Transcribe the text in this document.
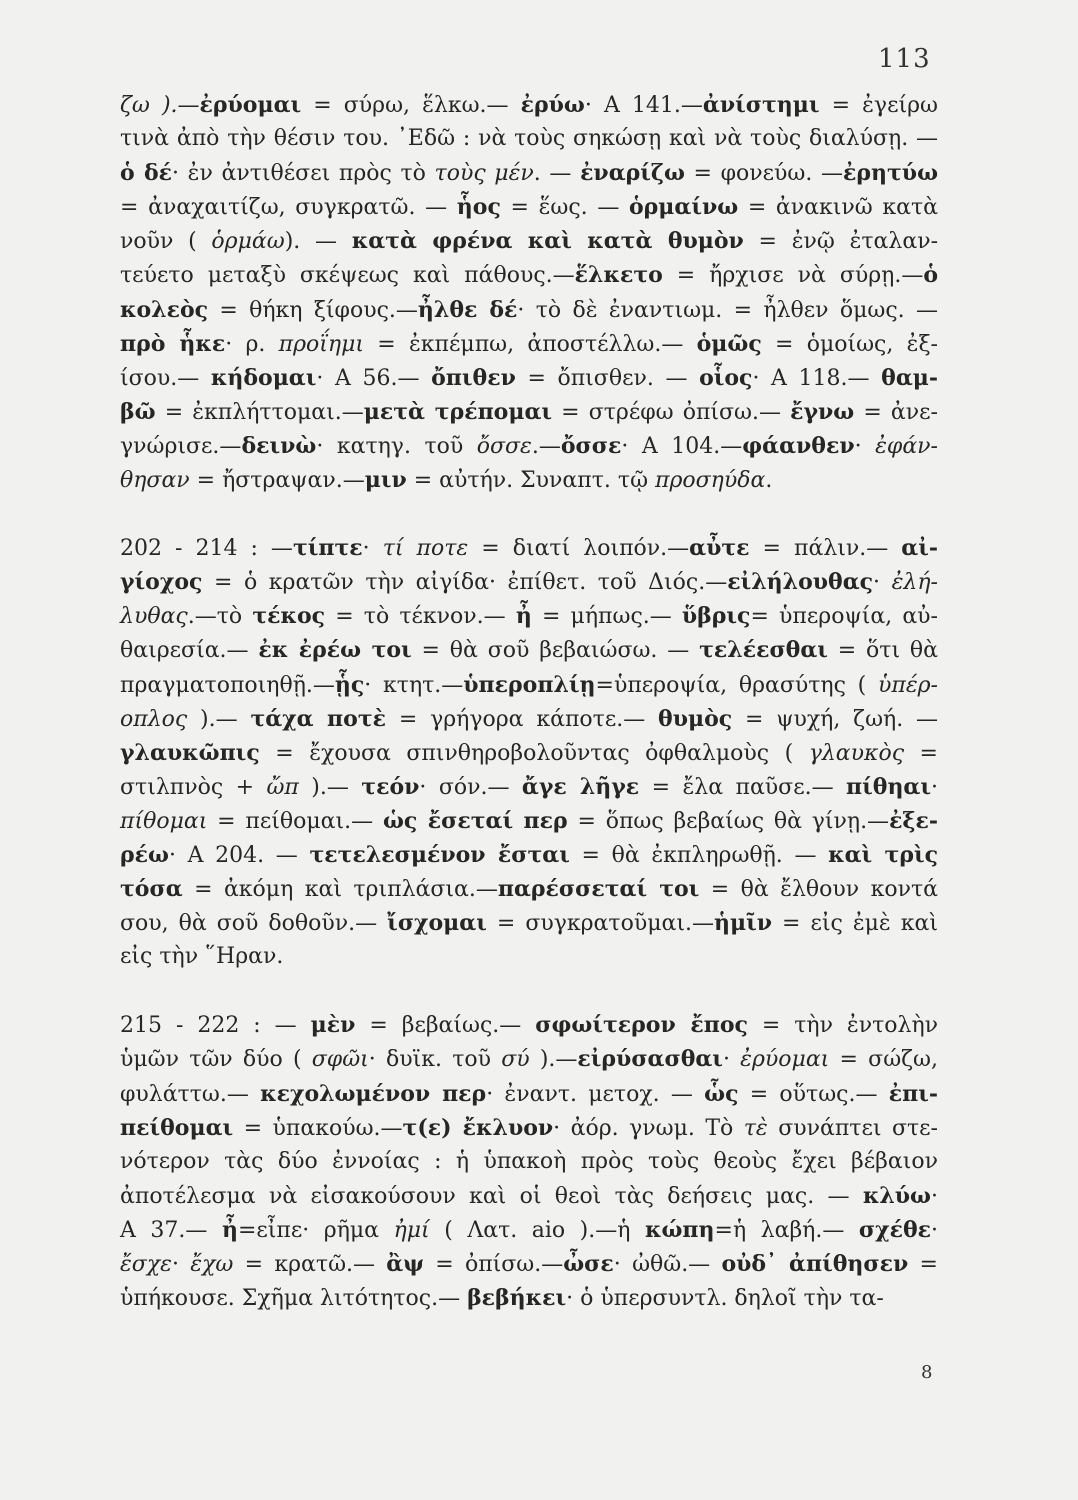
113
ζω ).—ἐρύομαι = σύρω, ἕλκω.— ἐρύω· Α 141.—ἀνίστημι = ἐγείρω
τινὰ ἀπὸ τὴν θέσιν του. ᾿Εδῶ : νὰ τοὺς σηκώσῃ καὶ νὰ τοὺς διαλύσῃ. —
ὁ δέ· ἐν ἀντιθέσει πρὸς τὸ τοὺς μέν. — ἐναρίζω = φονεύω. —ἐρητύω
= ἀναχαιτίζω, συγκρατῶ. — ἧος = ἕως. — ὁρμαίνω = ἀνακινῶ κατὰ
νοῦν ( ὁρμάω). — κατὰ φρένα καὶ κατὰ θυμὸν = ἐνῷ ἐταλαν-
τεύετο μεταξὺ σκέψεως καὶ πάθους.—ἕλκετο = ἤρχισε νὰ σύρῃ.—ὁ
κολεὸς = θήκη ξίφους.—ἦλθε δέ· τὸ δὲ ἐναντιωμ. = ἦλθεν ὅμως. —
πρὸ ἧκε· ρ. προΐημι = ἐκπέμπω, ἀποστέλλω.— ὁμῶς = ὁμοίως, ἐξ-
ίσου.— κήδομαι· Α 56.— ὄπιθεν = ὄπισθεν. — οἷος· Α 118.— θαμ-
βῶ = ἐκπλήττομαι.—μετὰ τρέπομαι = στρέφω ὀπίσω.— ἔγνω = ἀνε-
γνώρισε.—δεινὼ· κατηγ. τοῦ ὄσσε.—ὄσσε· Α 104.—φάανθεν· ἐφάν-
θησαν = ἤστραψαν.—μιν = αὐτήν. Συναπτ. τῷ προσηύδα.
202 - 214 : —τίπτε· τί ποτε = διατί λοιπόν.—αὖτε = πάλιν.— αἰ-
γίοχος = ὁ κρατῶν τὴν αἰγίδα· ἐπίθετ. τοῦ Διός.—εἰλήλουθας· ἐλή-
λυθας.—τὸ τέκος = τὸ τέκνον.— ἦ = μήπως.— ὕβρις= ὑπεροψία, αὐ-
θαιρεσία.— ἐκ ἐρέω τοι = θὰ σοῦ βεβαιώσω. — τελέεσθαι = ὅτι θὰ
πραγματοποιηθῇ.—ᾗς· κτητ.—ὑπεροπλίῃ=ὑπεροψία, θρασύτης ( ὑπέρ-
οπλος ).— τάχα ποτὲ = γρήγορα κάποτε.— θυμὸς = ψυχή, ζωή. —
γλαυκῶπις = ἔχουσα σπινθηροβολοῦντας ὀφθαλμοὺς ( γλαυκὸς =
στιλπνὸς + ὤπ ).— τεόν· σόν.— ἄγε λῆγε = ἔλα παῦσε.— πίθηαι·
πίθομαι = πείθομαι.— ὡς ἔσεταί περ = ὅπως βεβαίως θὰ γίνῃ.—ἐξε-
ρέω· Α 204. — τετελεσμένον ἔσται = θὰ ἐκπληρωθῇ. — καὶ τρὶς
τόσα = ἀκόμη καὶ τριπλάσια.—παρέσσεταί τοι = θὰ ἔλθουν κοντά
σου, θὰ σοῦ δοθοῦν.— ἴσχομαι = συγκρατοῦμαι.—ἡμῖν = εἰς ἐμὲ καὶ
εἰς τὴν ῞Ηραν.
215 - 222 : — μὲν = βεβαίως.— σφωίτερον ἔπος = τὴν ἐντολὴν
ὑμῶν τῶν δύο ( σφῶι· δυϊκ. τοῦ σύ ).—εἰρύσασθαι· ἐρύομαι = σώζω,
φυλάττω.— κεχολωμένον περ· ἐναντ. μετοχ. — ὧς = οὕτως.— ἐπι-
πείθομαι = ὑπακούω.—τ(ε) ἔκλυον· ἀόρ. γνωμ. Τὸ τὲ συνάπτει στε-
νότερον τὰς δύο ἐννοίας : ἡ ὑπακοὴ πρὸς τοὺς θεοὺς ἔχει βέβαιον
ἀποτέλεσμα νὰ εἰσακούσουν καὶ οἱ θεοὶ τὰς δεήσεις μας. — κλύω·
Α 37.— ἦ=εἶπε· ρῆμα ἠμί ( Λατ. aio ).—ἡ κώπη=ἡ λαβή.— σχέθε·
ἔσχε· ἔχω = κρατῶ.— ἂψ = ὀπίσω.—ὦσε· ὠθῶ.— οὐδ᾿ ἀπίθησεν =
ὑπήκουσε. Σχῆμα λιτότητος.— βεβήκει· ὁ ὑπερσυντλ. δηλοῖ τὴν τα-
8
